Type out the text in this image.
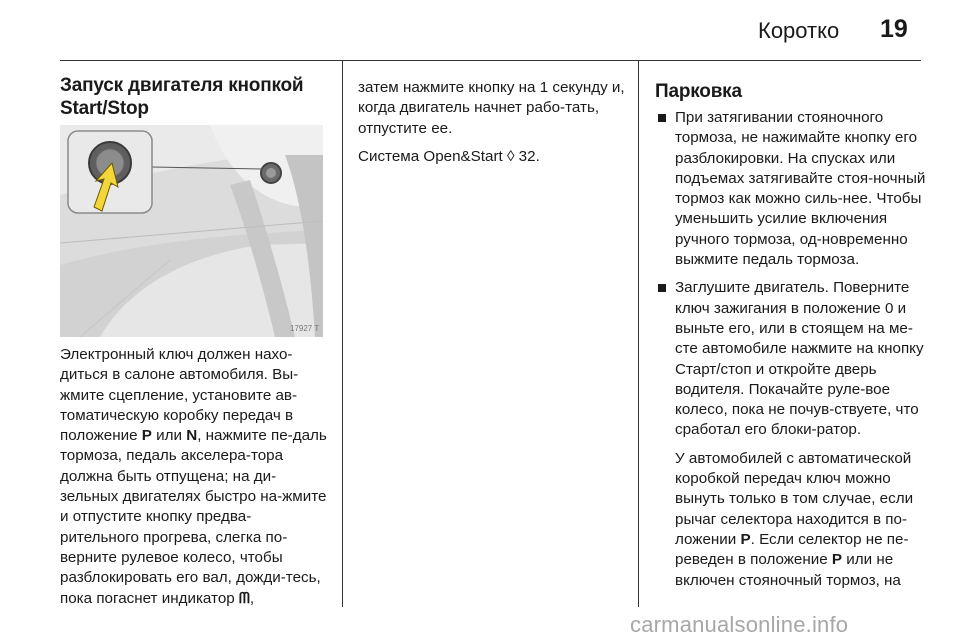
Коротко 19
Запуск двигателя кнопкой Start/Stop
17927 T

Электронный ключ должен нахо-диться в салоне автомобиля. Вы-жмите сцепление, установите ав-томатическую коробку передач в положение P или N, нажмите пе-даль тормоза, педаль акселера-тора должна быть отпущена; на ди-зельных двигателях быстро на-жмите и отпустите кнопку предва-рительного прогрева, слегка по-верните рулевое колесо, чтобы разблокировать его вал, дожди-тесь, пока погаснет индикатор ᗰ,

затем нажмите кнопку на 1 секунду и, когда двигатель начнет рабо-тать, отпустите ее.

Система Open&Start ◊ 32.

Парковка
При затягивании стояночного тормоза, не нажимайте кнопку его разблокировки. На спусках или подъемах затягивайте стоя-ночный тормоз как можно силь-нее. Чтобы уменьшить усилие включения ручного тормоза, од-новременно выжмите педаль тормоза.
Заглушите двигатель. Поверните ключ зажигания в положение 0 и выньте его, или в стоящем на ме-сте автомобиле нажмите на кнопку Старт/стоп и откройте дверь водителя. Покачайте руле-вое колесо, пока не почув-ствуете, что сработал его блоки-ратор.
У автомобилей с автоматической коробкой передач ключ можно вынуть только в том случае, если рычаг селектора находится в по-ложении P. Если селектор не пе-реведен в положение P или не включен стояночный тормоз, на
carmanualsonline.info
